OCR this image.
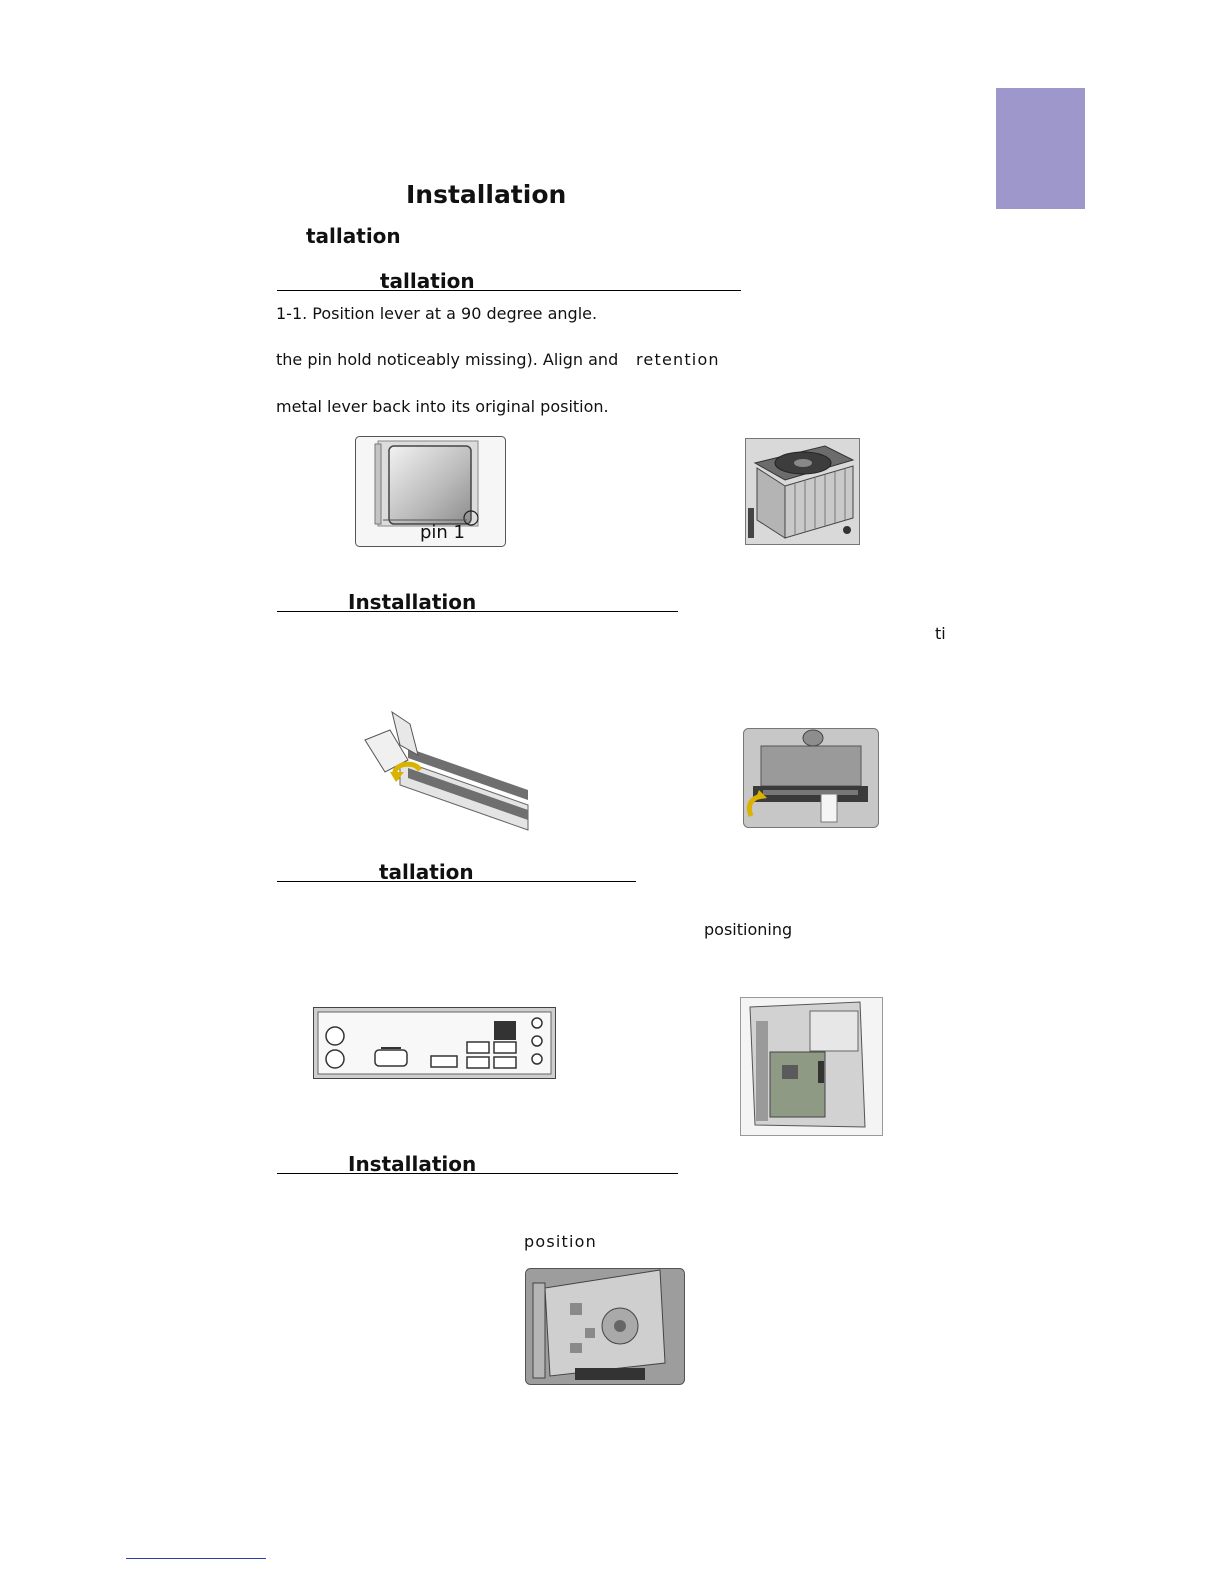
Installation
tallation
tallation
1-1. Position lever at a 90 degree angle.
the pin hold noticeably missing). Align and retention
metal lever back into its original position.
pin 1
Installation
ti
tallation
positioning
Installation
position
